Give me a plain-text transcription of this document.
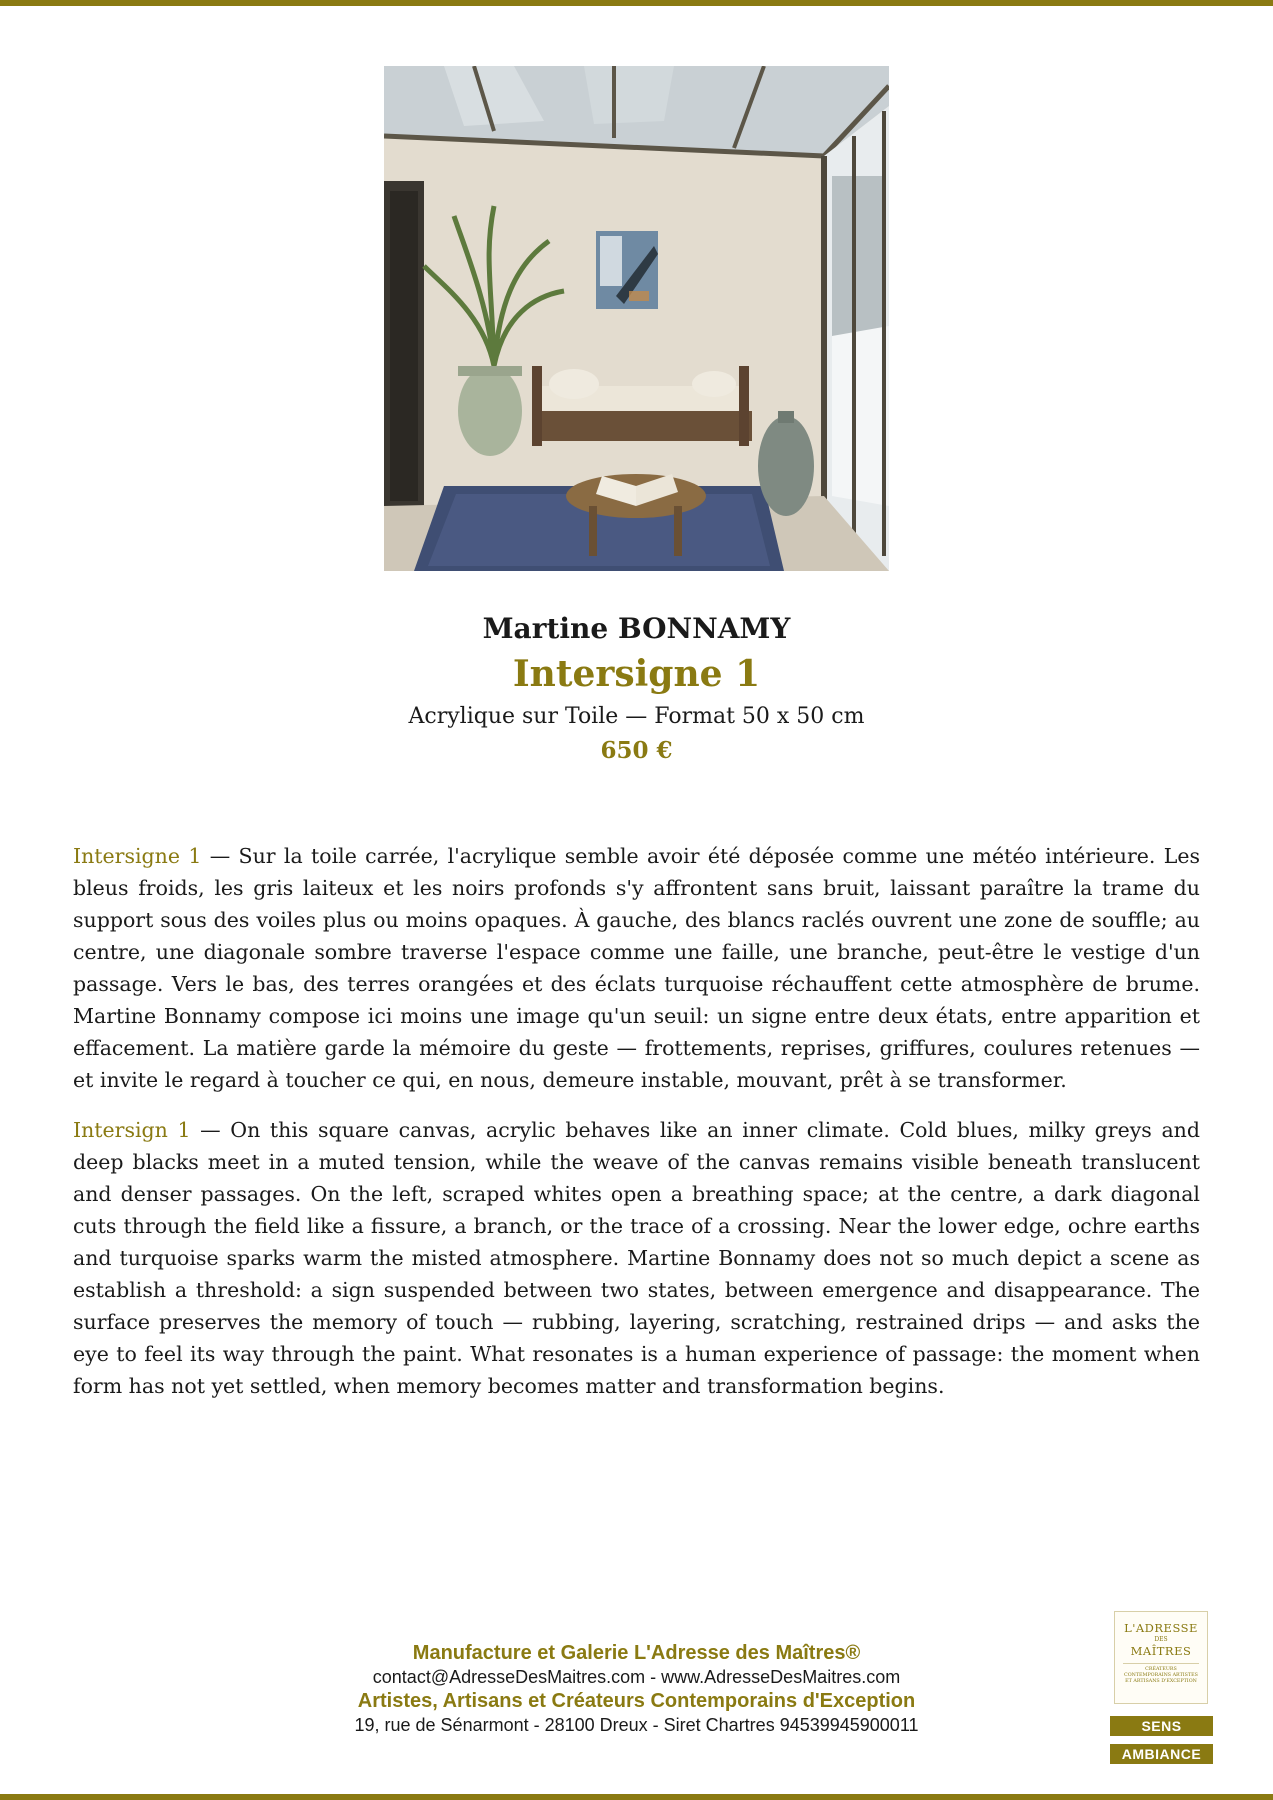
Martine BONNAMY
Intersigne 1
Acrylique sur Toile — Format 50 x 50 cm
650 €

Intersigne 1 — Sur la toile carrée, l'acrylique semble avoir été déposée comme une météo intérieure. Les bleus froids, les gris laiteux et les noirs profonds s'y affrontent sans bruit, laissant paraître la trame du support sous des voiles plus ou moins opaques. À gauche, des blancs raclés ouvrent une zone de souffle; au centre, une diagonale sombre traverse l'espace comme une faille, une branche, peut-être le vestige d'un passage. Vers le bas, des terres orangées et des éclats turquoise réchauffent cette atmosphère de brume. Martine Bonnamy compose ici moins une image qu'un seuil: un signe entre deux états, entre apparition et effacement. La matière garde la mémoire du geste — frottements, reprises, griffures, coulures retenues — et invite le regard à toucher ce qui, en nous, demeure instable, mouvant, prêt à se transformer.

Intersign 1 — On this square canvas, acrylic behaves like an inner climate. Cold blues, milky greys and deep blacks meet in a muted tension, while the weave of the canvas remains visible beneath translucent and denser passages. On the left, scraped whites open a breathing space; at the centre, a dark diagonal cuts through the field like a fissure, a branch, or the trace of a crossing. Near the lower edge, ochre earths and turquoise sparks warm the misted atmosphere. Martine Bonnamy does not so much depict a scene as establish a threshold: a sign suspended between two states, between emergence and disappearance. The surface preserves the memory of touch — rubbing, layering, scratching, restrained drips — and asks the eye to feel its way through the paint. What resonates is a human experience of passage: the moment when form has not yet settled, when memory becomes matter and transformation begins.

Manufacture et Galerie L'Adresse des Maîtres®
contact@AdresseDesMaitres.com - www.AdresseDesMaitres.com
Artistes, Artisans et Créateurs Contemporains d'Exception
19, rue de Sénarmont - 28100 Dreux - Siret Chartres 94539945900011
L'ADRESSE
DES
MAÎTRES
CRÉATEURS CONTEMPORAINS ARTISTES ET ARTISANS D'EXCEPTION
SENS
AMBIANCE
